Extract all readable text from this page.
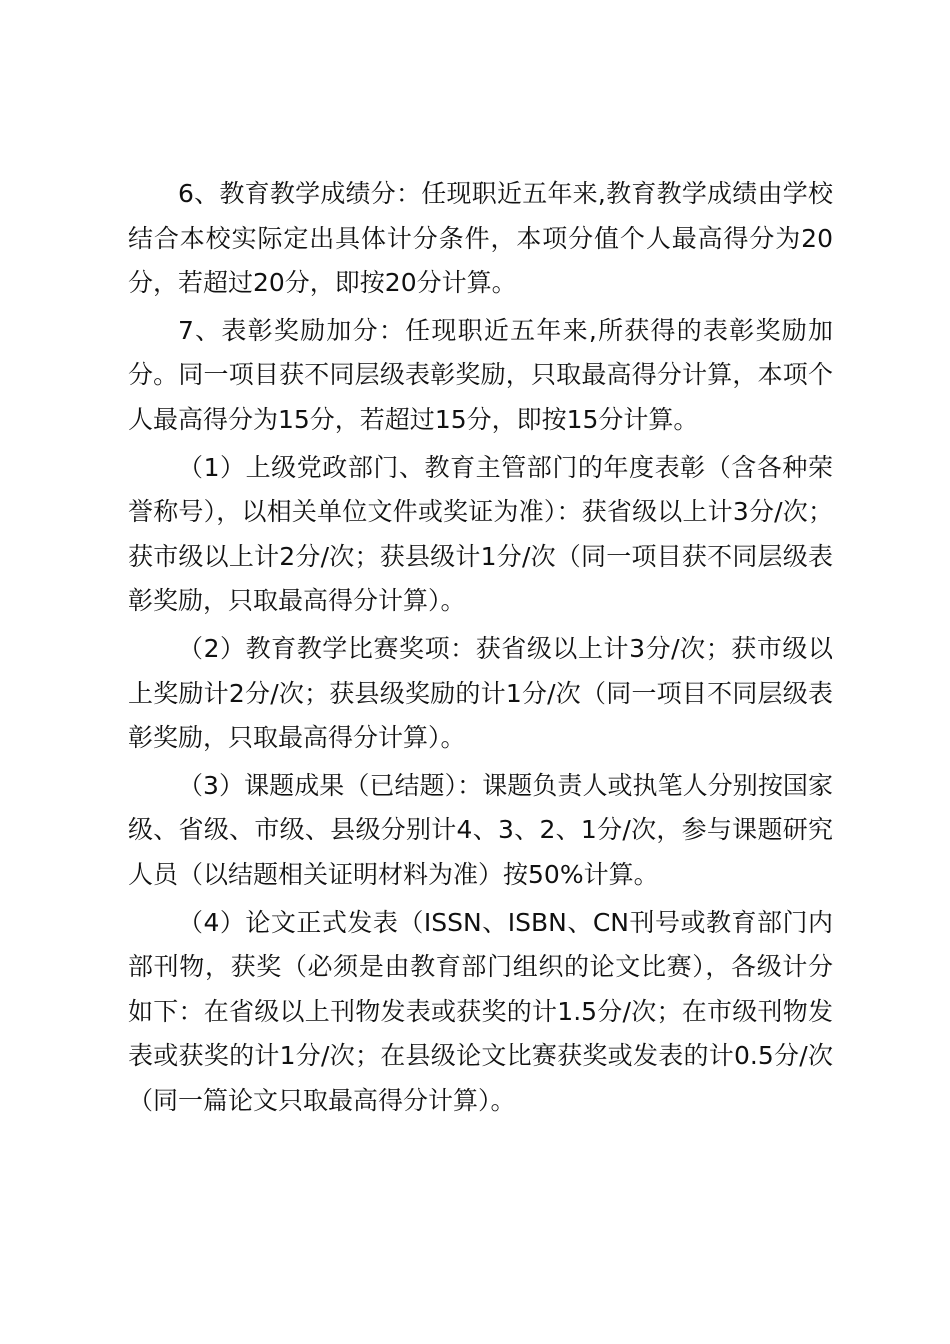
6、教育教学成绩分：任现职近五年来,教育教学成绩由学校结合本校实际定出具体计分条件，本项分值个人最高得分为20分，若超过20分，即按20分计算。

7、表彰奖励加分：任现职近五年来,所获得的表彰奖励加分。同一项目获不同层级表彰奖励，只取最高得分计算，本项个人最高得分为15分，若超过15分，即按15分计算。

（1）上级党政部门、教育主管部门的年度表彰（含各种荣誉称号），以相关单位文件或奖证为准）：获省级以上计3分/次；获市级以上计2分/次；获县级计1分/次（同一项目获不同层级表彰奖励，只取最高得分计算）。

（2）教育教学比赛奖项：获省级以上计3分/次；获市级以上奖励计2分/次；获县级奖励的计1分/次（同一项目不同层级表彰奖励，只取最高得分计算）。

（3）课题成果（已结题）：课题负责人或执笔人分别按国家级、省级、市级、县级分别计4、3、2、1分/次，参与课题研究人员（以结题相关证明材料为准）按50%计算。

（4）论文正式发表（ISSN、ISBN、CN刊号或教育部门内部刊物，获奖（必须是由教育部门组织的论文比赛），各级计分如下：在省级以上刊物发表或获奖的计1.5分/次；在市级刊物发表或获奖的计1分/次；在县级论文比赛获奖或发表的计0.5分/次（同一篇论文只取最高得分计算）。
